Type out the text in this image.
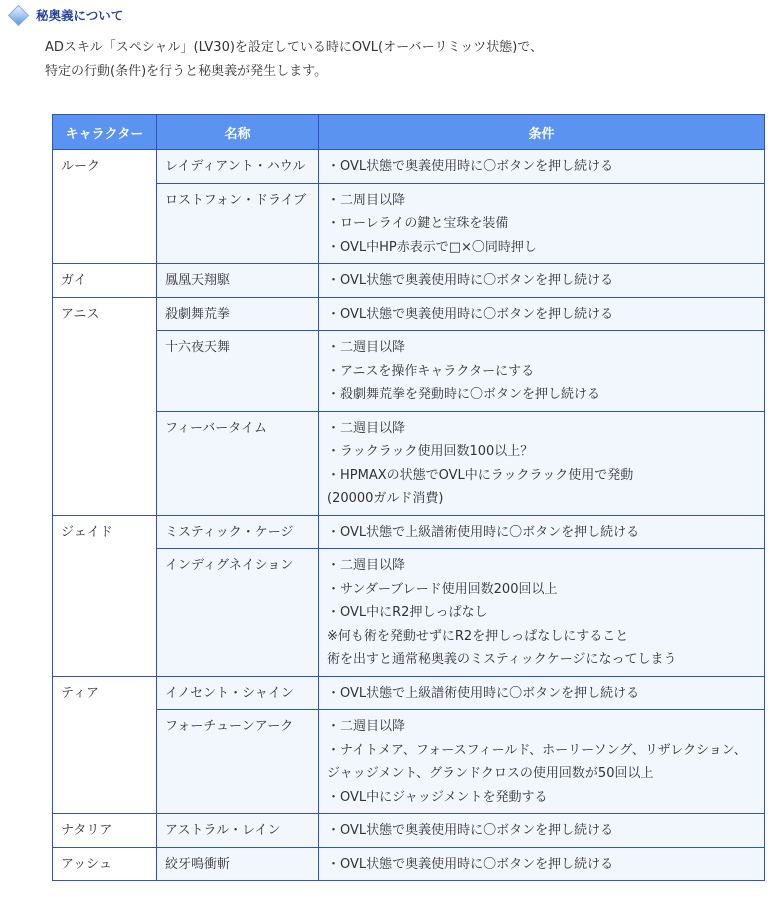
秘奥義について

ADスキル「スペシャル」(LV30)を設定している時にOVL(オーバーリミッツ状態)で、

特定の行動(条件)を行うと秘奥義が発生します。

キャラクター	名称	条件
ルーク	レイディアント・ハウル	・OVL状態で奥義使用時に〇ボタンを押し続ける

	ロストフォン・ドライブ	・二周目以降
・ローレライの鍵と宝珠を装備
・OVL中HP赤表示で□×〇同時押し

ガイ	鳳凰天翔駆	・OVL状態で奥義使用時に〇ボタンを押し続ける

アニス	殺劇舞荒拳	・OVL状態で奥義使用時に〇ボタンを押し続ける

	十六夜天舞	・二週目以降
・アニスを操作キャラクターにする
・殺劇舞荒拳を発動時に〇ボタンを押し続ける

	フィーバータイム	・二週目以降
・ラックラック使用回数100以上？
・HPMAXの状態でOVL中にラックラック使用で発動
(20000ガルド消費)

ジェイド	ミスティック・ケージ	・OVL状態で上級譜術使用時に〇ボタンを押し続ける

	インディグネイション	・二週目以降
・サンダーブレード使用回数200回以上
・OVL中にR2押しっぱなし
※何も術を発動せずにR2を押しっぱなしにすること
術を出すと通常秘奥義のミスティックケージになってしまう

ティア	イノセント・シャイン	・OVL状態で上級譜術使用時に〇ボタンを押し続ける

	フォーチューンアーク	・二週目以降
・ナイトメア、フォースフィールド、ホーリーソング、リザレクション、
ジャッジメント、グランドクロスの使用回数が50回以上
・OVL中にジャッジメントを発動する

ナタリア	アストラル・レイン	・OVL状態で奥義使用時に〇ボタンを押し続ける

アッシュ	絞牙鳴衝斬	・OVL状態で奥義使用時に〇ボタンを押し続ける
